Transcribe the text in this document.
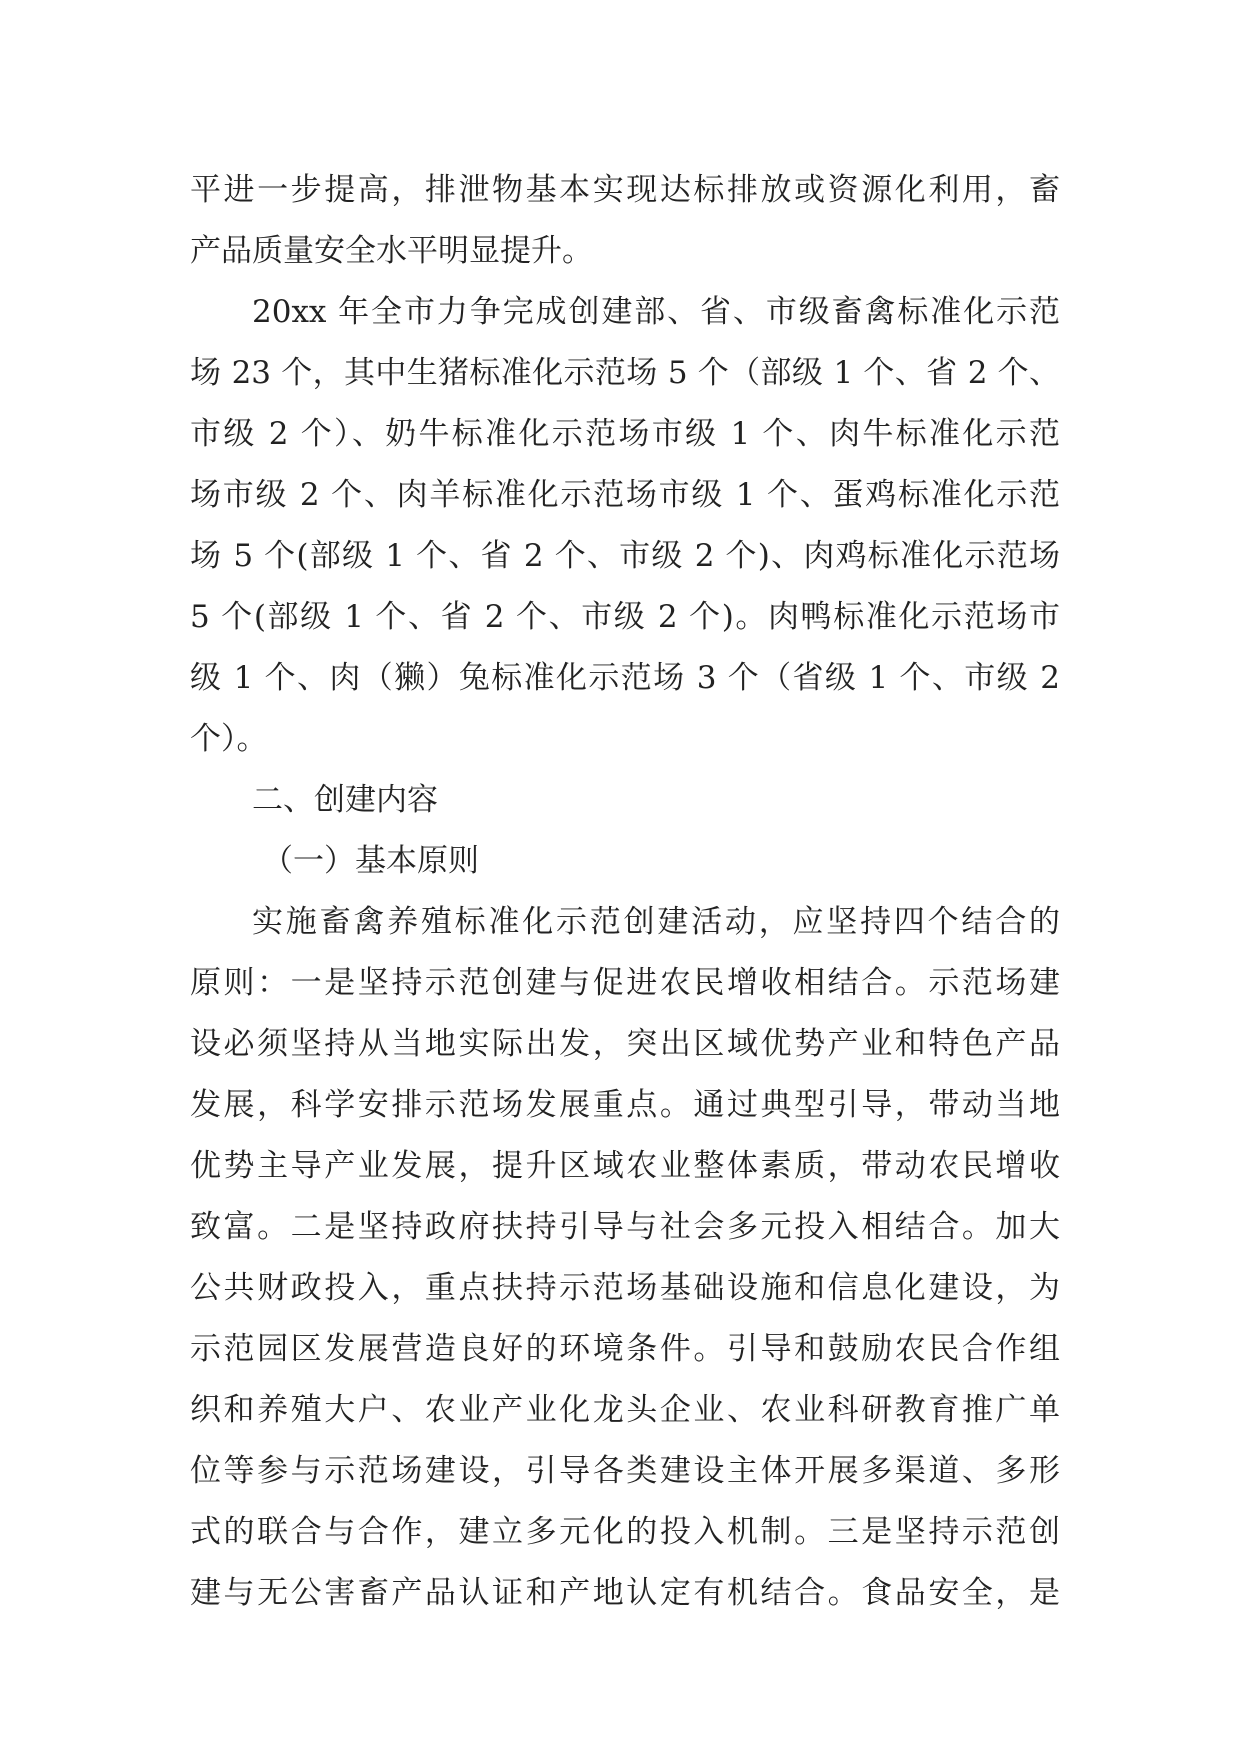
平进一步提高，排泄物基本实现达标排放或资源化利用，畜
产品质量安全水平明显提升。
20xx 年全市力争完成创建部、省、市级畜禽标准化示范
场 23 个，其中生猪标准化示范场 5 个（部级 1 个、省 2 个、
市级 2 个）、奶牛标准化示范场市级 1 个、肉牛标准化示范
场市级 2 个、肉羊标准化示范场市级 1 个、蛋鸡标准化示范
场 5 个(部级 1 个、省 2 个、市级 2 个)、肉鸡标准化示范场
5 个(部级 1 个、省 2 个、市级 2 个)。肉鸭标准化示范场市
级 1 个、肉（獭）兔标准化示范场 3 个（省级 1 个、市级 2
个）。
二、创建内容
（一）基本原则
实施畜禽养殖标准化示范创建活动，应坚持四个结合的
原则：一是坚持示范创建与促进农民增收相结合。示范场建
设必须坚持从当地实际出发，突出区域优势产业和特色产品
发展，科学安排示范场发展重点。通过典型引导，带动当地
优势主导产业发展，提升区域农业整体素质，带动农民增收
致富。二是坚持政府扶持引导与社会多元投入相结合。加大
公共财政投入，重点扶持示范场基础设施和信息化建设，为
示范园区发展营造良好的环境条件。引导和鼓励农民合作组
织和养殖大户、农业产业化龙头企业、农业科研教育推广单
位等参与示范场建设，引导各类建设主体开展多渠道、多形
式的联合与合作，建立多元化的投入机制。三是坚持示范创
建与无公害畜产品认证和产地认定有机结合。食品安全，是
